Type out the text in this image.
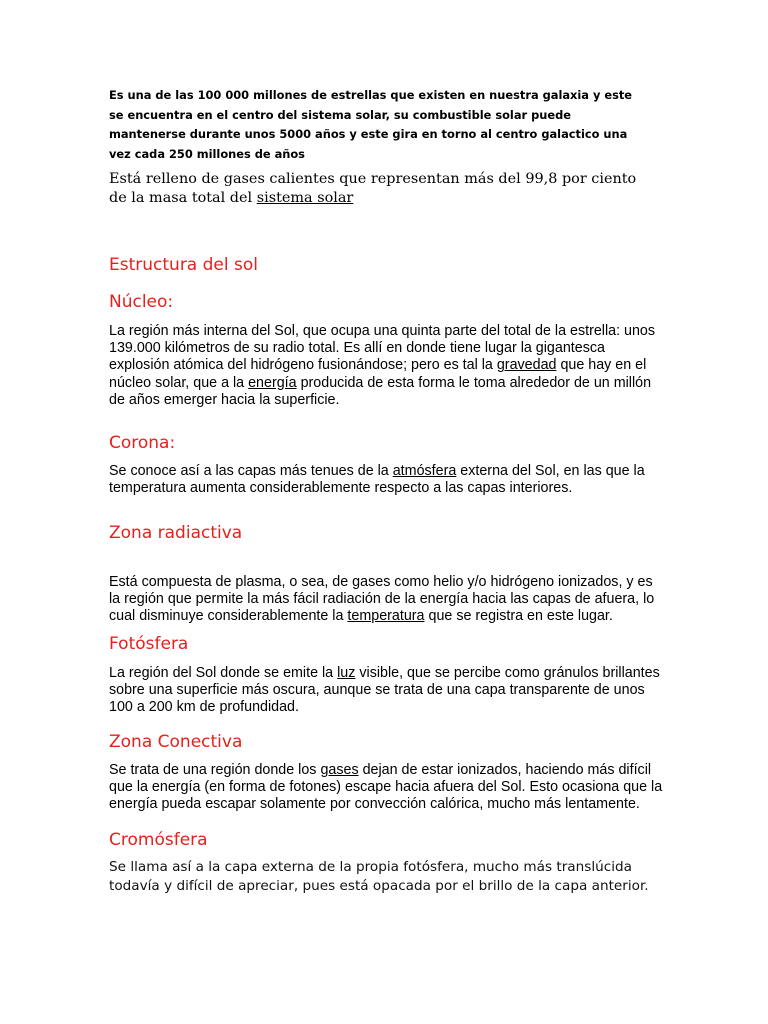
Es una de las 100 000 millones de estrellas que existen en nuestra galaxia y este se encuentra en el centro del sistema solar, su combustible solar puede mantenerse durante unos 5000 años y este gira en torno al centro galactico una vez cada 250 millones de años

Está relleno de gases calientes que representan más del 99,8 por ciento de la masa total del sistema solar

Estructura del sol
Núcleo:

La región más interna del Sol, que ocupa una quinta parte del total de la estrella: unos 139.000 kilómetros de su radio total. Es allí en donde tiene lugar la gigantesca explosión atómica del hidrógeno fusionándose; pero es tal la gravedad que hay en el núcleo solar, que a la energía producida de esta forma le toma alrededor de un millón de años emerger hacia la superficie.

Corona:

Se conoce así a las capas más tenues de la atmósfera externa del Sol, en las que la temperatura aumenta considerablemente respecto a las capas interiores.

Zona radiactiva

Está compuesta de plasma, o sea, de gases como helio y/o hidrógeno ionizados, y es la región que permite la más fácil radiación de la energía hacia las capas de afuera, lo cual disminuye considerablemente la temperatura que se registra en este lugar.

Fotósfera

La región del Sol donde se emite la luz visible, que se percibe como gránulos brillantes sobre una superficie más oscura, aunque se trata de una capa transparente de unos 100 a 200 km de profundidad.

Zona Conectiva

Se trata de una región donde los gases dejan de estar ionizados, haciendo más difícil que la energía (en forma de fotones) escape hacia afuera del Sol. Esto ocasiona que la energía pueda escapar solamente por convección calórica, mucho más lentamente.

Cromósfera

Se llama así a la capa externa de la propia fotósfera, mucho más translúcida todavía y difícil de apreciar, pues está opacada por el brillo de la capa anterior.
